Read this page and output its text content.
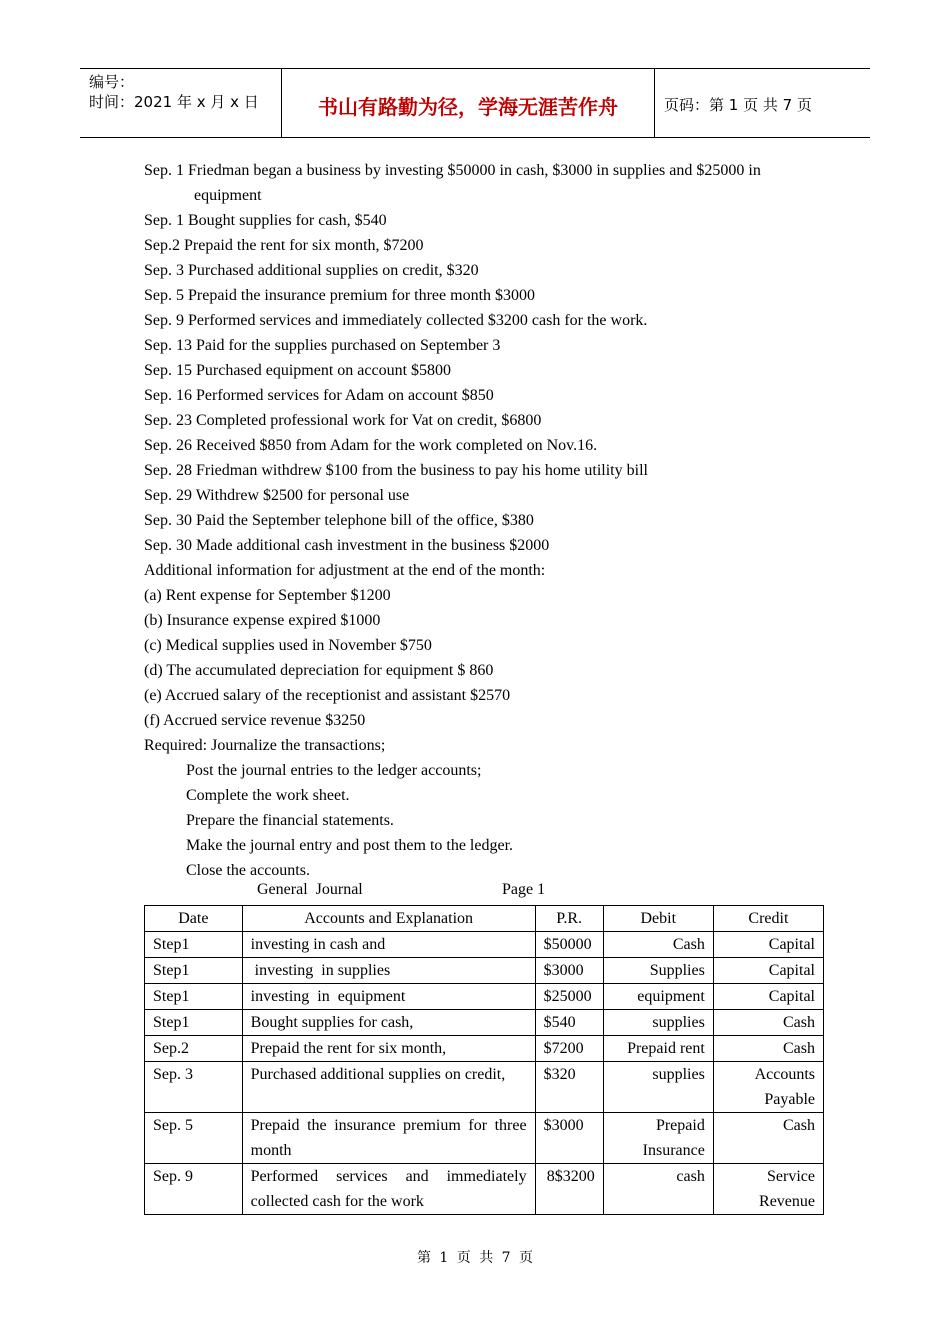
编号：
时间：2021 年 x 月 x 日	书山有路勤为径，学海无涯苦作舟	页码：第 1 页 共 7 页
Sep. 1 Friedman began a business by investing $50000 in cash, $3000 in supplies and $25000 in
equipment
Sep. 1 Bought supplies for cash, $540
Sep.2 Prepaid the rent for six month, $7200
Sep. 3 Purchased additional supplies on credit, $320
Sep. 5 Prepaid the insurance premium for three month $3000
Sep. 9 Performed services and immediately collected $3200 cash for the work.
Sep. 13 Paid for the supplies purchased on September 3
Sep. 15 Purchased equipment on account $5800
Sep. 16 Performed services for Adam on account $850
Sep. 23 Completed professional work for Vat on credit, $6800
Sep. 26 Received $850 from Adam for the work completed on Nov.16.
Sep. 28 Friedman withdrew $100 from the business to pay his home utility bill
Sep. 29 Withdrew $2500 for personal use
Sep. 30 Paid the September telephone bill of the office, $380
Sep. 30 Made additional cash investment in the business $2000
Additional information for adjustment at the end of the month:
(a) Rent expense for September $1200
(b) Insurance expense expired $1000
(c) Medical supplies used in November $750
(d) The accumulated depreciation for equipment $ 860
(e) Accrued salary of the receptionist and assistant $2570
(f) Accrued service revenue $3250
Required: Journalize the transactions;
Post the journal entries to the ledger accounts;
Complete the work sheet.
Prepare the financial statements.
Make the journal entry and post them to the ledger.
Close the accounts.
General  Journal	Page 1
Date	Accounts and Explanation	P.R.	Debit	Credit
Step1	investing in cash and	$50000	Cash	Capital
Step1	investing  in supplies	$3000	Supplies	Capital
Step1	investing  in  equipment	$25000	equipment	Capital
Step1	Bought supplies for cash,	$540	supplies	Cash
Sep.2	Prepaid the rent for six month,	$7200	Prepaid rent	Cash
Sep. 3	Purchased additional supplies on credit,	$320	supplies	Accounts Payable
Sep. 5	Prepaid the insurance premium for three month	$3000	Prepaid Insurance	Cash
Sep. 9	Performed services and immediately collected cash for the work	8$3200	cash	Service Revenue
第 1 页 共 7 页
